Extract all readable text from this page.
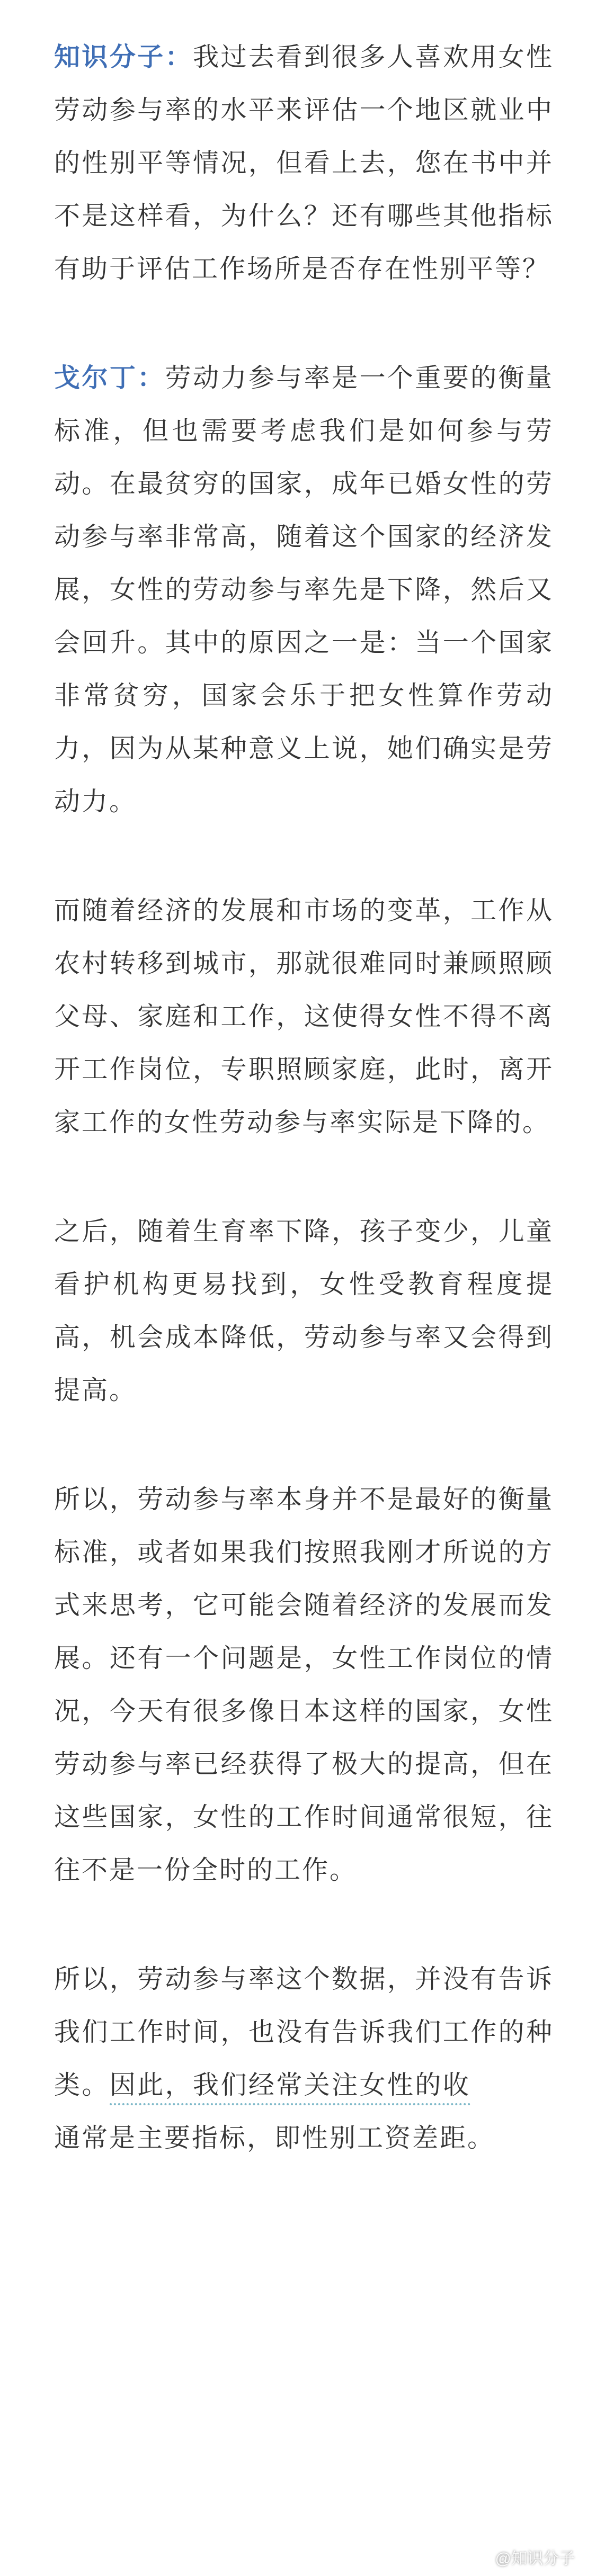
知识分子：我过去看到很多人喜欢用女性劳动参与率的水平来评估一个地区就业中的性别平等情况，但看上去，您在书中并不是这样看，为什么？还有哪些其他指标有助于评估工作场所是否存在性别平等？

戈尔丁：劳动力参与率是一个重要的衡量标准，但也需要考虑我们是如何参与劳动。在最贫穷的国家，成年已婚女性的劳动参与率非常高，随着这个国家的经济发展，女性的劳动参与率先是下降，然后又会回升。其中的原因之一是：当一个国家非常贫穷，国家会乐于把女性算作劳动力，因为从某种意义上说，她们确实是劳动力。

而随着经济的发展和市场的变革，工作从农村转移到城市，那就很难同时兼顾照顾父母、家庭和工作，这使得女性不得不离开工作岗位，专职照顾家庭，此时，离开家工作的女性劳动参与率实际是下降的。

之后，随着生育率下降，孩子变少，儿童看护机构更易找到，女性受教育程度提高，机会成本降低，劳动参与率又会得到提高。

所以，劳动参与率本身并不是最好的衡量标准，或者如果我们按照我刚才所说的方式来思考，它可能会随着经济的发展而发展。还有一个问题是，女性工作岗位的情况，今天有很多像日本这样的国家，女性劳动参与率已经获得了极大的提高，但在这些国家，女性的工作时间通常很短，往往不是一份全时的工作。

所以，劳动参与率这个数据，并没有告诉我们工作时间，也没有告诉我们工作的种类。因此，我们经常关注女性的收入，这通常是主要指标，即性别工资差距。

@知识分子
